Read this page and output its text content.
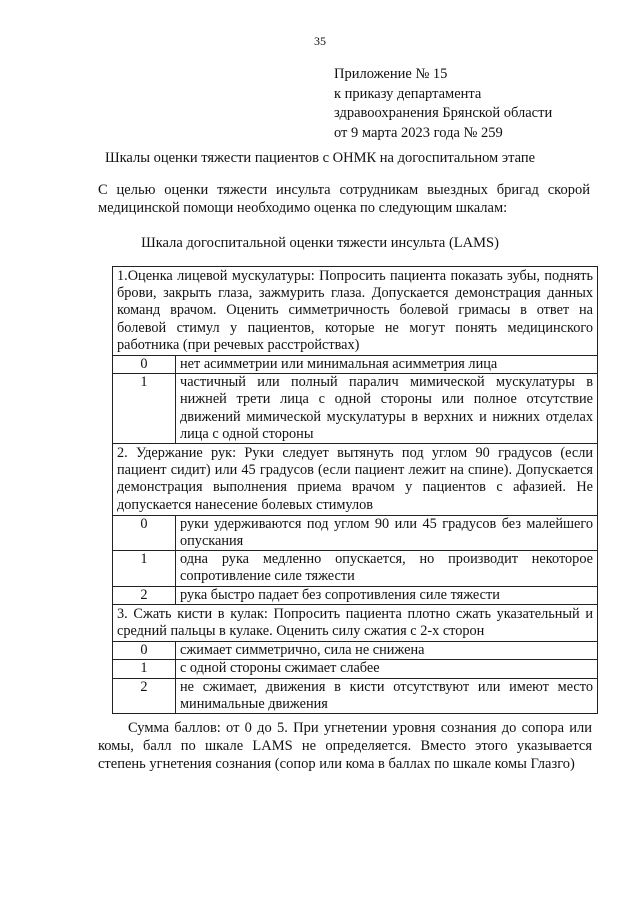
35
Приложение № 15
к приказу департамента
здравоохранения Брянской области
от 9 марта 2023 года № 259
Шкалы оценки тяжести пациентов с ОНМК на догоспитальном этапе
С целью оценки тяжести инсульта сотрудникам выездных бригад скорой медицинской помощи необходимо оценка по следующим шкалам:
Шкала догоспитальной оценки тяжести инсульта (LAMS)
1.Оценка лицевой мускулатуры: Попросить пациента показать зубы, поднять брови, закрыть глаза, зажмурить глаза. Допускается демонстрация данных команд врачом. Оценить симметричность болевой гримасы в ответ на болевой стимул у пациентов, которые не могут понять медицинского работника (при речевых расстройствах)	
0	нет асимметрии или минимальная асимметрия лица
1	частичный или полный паралич мимической мускулатуры в нижней трети лица с одной стороны или полное отсутствие движений мимической мускулатуры в верхних и нижних отделах лица с одной стороны
2. Удержание рук: Руки следует вытянуть под углом 90 градусов (если пациент сидит) или 45 градусов (если пациент лежит на спине). Допускается демонстрация выполнения приема врачом у пациентов с афазией. Не допускается нанесение болевых стимулов	
0	руки удерживаются под углом 90 или 45 градусов без малейшего опускания
1	одна рука медленно опускается, но производит некоторое сопротивление силе тяжести
2	рука быстро падает без сопротивления силе тяжести
3. Сжать кисти в кулак: Попросить пациента плотно сжать указательный и средний пальцы в кулаке. Оценить силу сжатия с 2-х сторон	
0	сжимает симметрично, сила не снижена
1	с одной стороны сжимает слабее
2	не сжимает, движения в кисти отсутствуют или имеют место минимальные движения
Сумма баллов: от 0 до 5. При угнетении уровня сознания до сопора или комы, балл по шкале LAMS не определяется. Вместо этого указывается степень угнетения сознания (сопор или кома в баллах по шкале комы Глазго)
